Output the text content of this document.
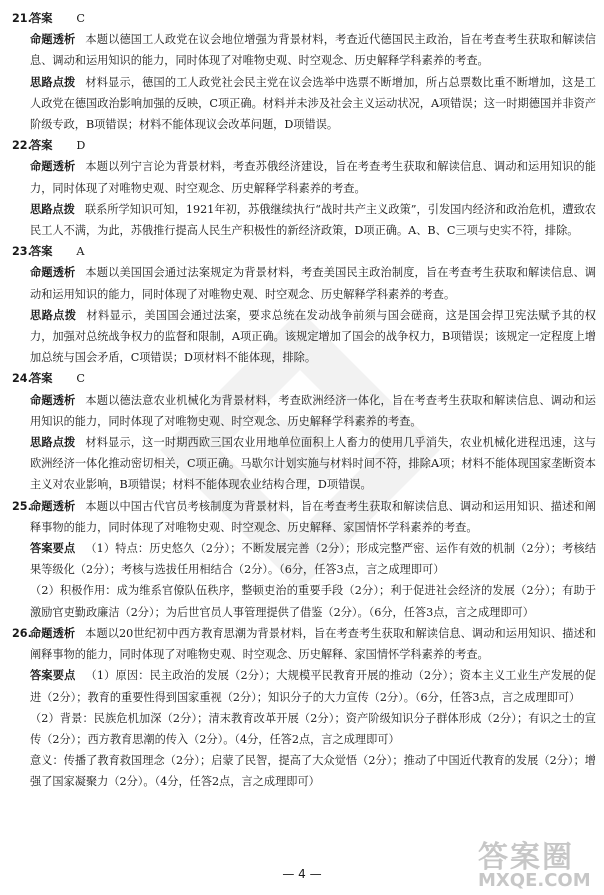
21.答案 C

命题透析 本题以德国工人政党在议会地位增强为背景材料，考查近代德国民主政治，旨在考查考生获取和解读信息、调动和运用知识的能力，同时体现了对唯物史观、时空观念、历史解释学科素养的考查。

思路点拨 材料显示，德国的工人政党社会民主党在议会选举中选票不断增加，所占总票数比重不断增加，这是工人政党在德国政治影响加强的反映，C项正确。材料并未涉及社会主义运动状况，A项错误；这一时期德国并非资产阶级专政，B项错误；材料不能体现议会改革问题，D项错误。

22.答案 D

命题透析 本题以列宁言论为背景材料，考查苏俄经济建设，旨在考查考生获取和解读信息、调动和运用知识的能力，同时体现了对唯物史观、时空观念、历史解释学科素养的考查。

思路点拨 联系所学知识可知，1921年初，苏俄继续执行“战时共产主义政策”，引发国内经济和政治危机，遭致农民工人不满，为此，苏俄推行提高人民生产积极性的新经济政策，D项正确。A、B、C三项与史实不符，排除。

23.答案 A

命题透析 本题以美国国会通过法案规定为背景材料，考查美国民主政治制度，旨在考查考生获取和解读信息、调动和运用知识的能力，同时体现了对唯物史观、时空观念、历史解释学科素养的考查。

思路点拨 材料显示，美国国会通过法案，要求总统在发动战争前须与国会磋商，这是国会捍卫宪法赋予其的权力，加强对总统战争权力的监督和限制，A项正确。该规定增加了国会的战争权力，B项错误；该规定一定程度上增加总统与国会矛盾，C项错误；D项材料不能体现，排除。

24.答案 C

命题透析 本题以德法意农业机械化为背景材料，考查欧洲经济一体化，旨在考查考生获取和解读信息、调动和运用知识的能力，同时体现了对唯物史观、时空观念、历史解释学科素养的考查。

思路点拨 材料显示，这一时期西欧三国农业用地单位面积上人畜力的使用几乎消失，农业机械化进程迅速，这与欧洲经济一体化推动密切相关，C项正确。马歇尔计划实施与材料时间不符，排除A项；材料不能体现国家垄断资本主义对农业影响，B项错误；材料不能体现农业结构合理，D项错误。

25.
命题透析 本题以中国古代官员考核制度为背景材料，旨在考查考生获取和解读信息、调动和运用知识、描述和阐释事物的能力，同时体现了对唯物史观、时空观念、历史解释、家国情怀学科素养的考查。

答案要点 （1）特点：历史悠久（2分）；不断发展完善（2分）；形成完整严密、运作有效的机制（2分）；考核结果等级化（2分）；考核与选拔任用相结合（2分）。（6分，任答3点，言之成理即可）

（2）积极作用：成为维系官僚队伍秩序，整顿吏治的重要手段（2分）；利于促进社会经济的发展（2分）；有助于激励官吏勤政廉洁（2分）；为后世官员人事管理提供了借鉴（2分）。（6分，任答3点，言之成理即可）

26.
命题透析 本题以20世纪初中西方教育思潮为背景材料，旨在考查考生获取和解读信息、调动和运用知识、描述和阐释事物的能力，同时体现了对唯物史观、时空观念、历史解释、家国情怀学科素养的考查。

答案要点 （1）原因：民主政治的发展（2分）；大规模平民教育开展的推动（2分）；资本主义工业生产发展的促进（2分）；教育的重要性得到国家重视（2分）；知识分子的大力宣传（2分）。（6分，任答3点，言之成理即可）

（2）背景：民族危机加深（2分）；清末教育改革开展（2分）；资产阶级知识分子群体形成（2分）；有识之士的宣传（2分）；西方教育思潮的传入（2分）。（4分，任答2点，言之成理即可）

意义：传播了教育救国理念（2分）；启蒙了民智，提高了大众觉悟（2分）；推动了中国近代教育的发展（2分）；增强了国家凝聚力（2分）。（4分，任答2点，言之成理即可）

— 4 —	答案圈
MXQE.COM
